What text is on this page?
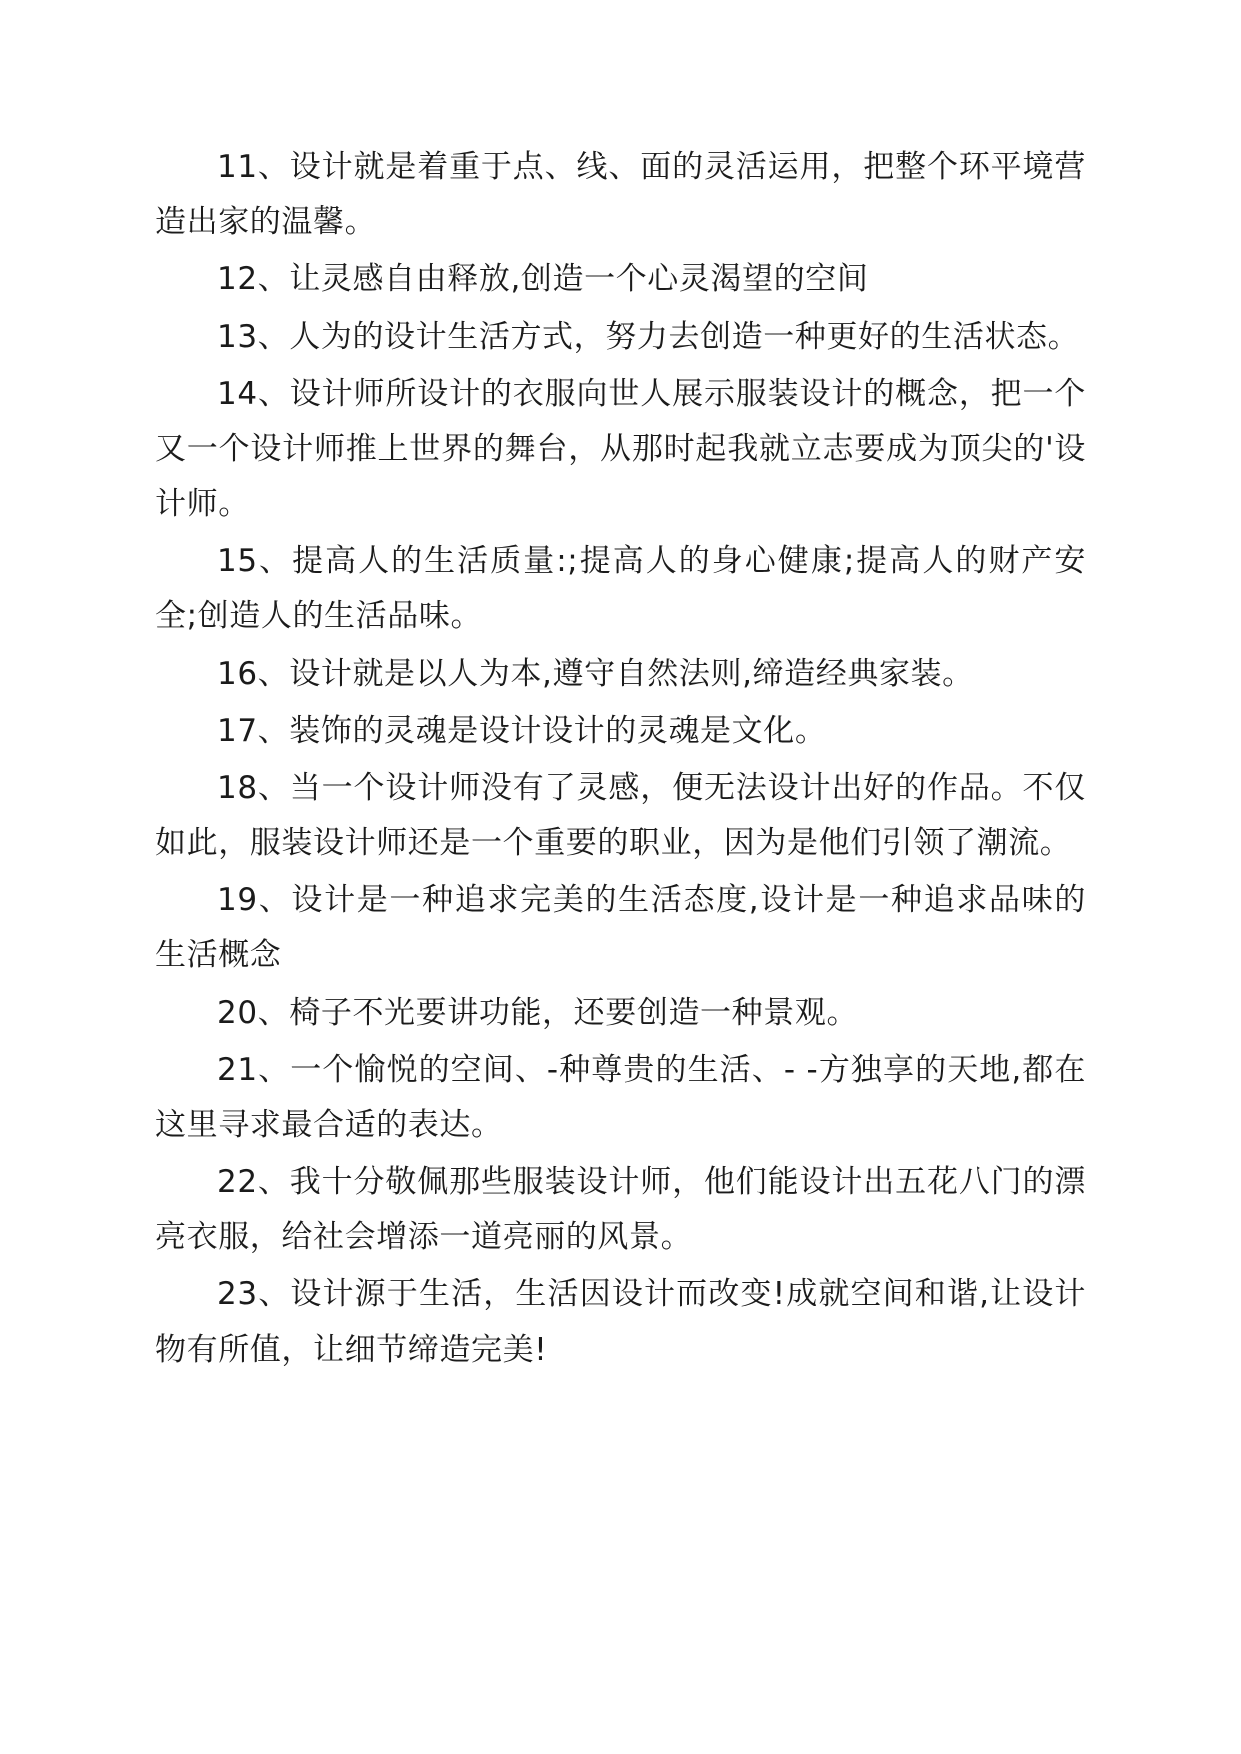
11、设计就是着重于点、线、面的灵活运用，把整个环平境营造出家的温馨。

12、让灵感自由释放,创造一个心灵渴望的空间

13、人为的设计生活方式，努力去创造一种更好的生活状态。

14、设计师所设计的衣服向世人展示服装设计的概念，把一个又一个设计师推上世界的舞台，从那时起我就立志要成为顶尖的'设计师。

15、提高人的生活质量:;提高人的身心健康;提高人的财产安全;创造人的生活品味。

16、设计就是以人为本,遵守自然法则,缔造经典家装。

17、装饰的灵魂是设计设计的灵魂是文化。

18、当一个设计师没有了灵感，便无法设计出好的作品。不仅如此，服装设计师还是一个重要的职业，因为是他们引领了潮流。

19、设计是一种追求完美的生活态度,设计是一种追求品味的生活概念

20、椅子不光要讲功能，还要创造一种景观。

21、一个愉悦的空间、-种尊贵的生活、- -方独享的天地,都在这里寻求最合适的表达。

22、我十分敬佩那些服装设计师，他们能设计出五花八门的漂亮衣服，给社会增添一道亮丽的风景。

23、设计源于生活，生活因设计而改变!成就空间和谐,让设计物有所值，让细节缔造完美!
